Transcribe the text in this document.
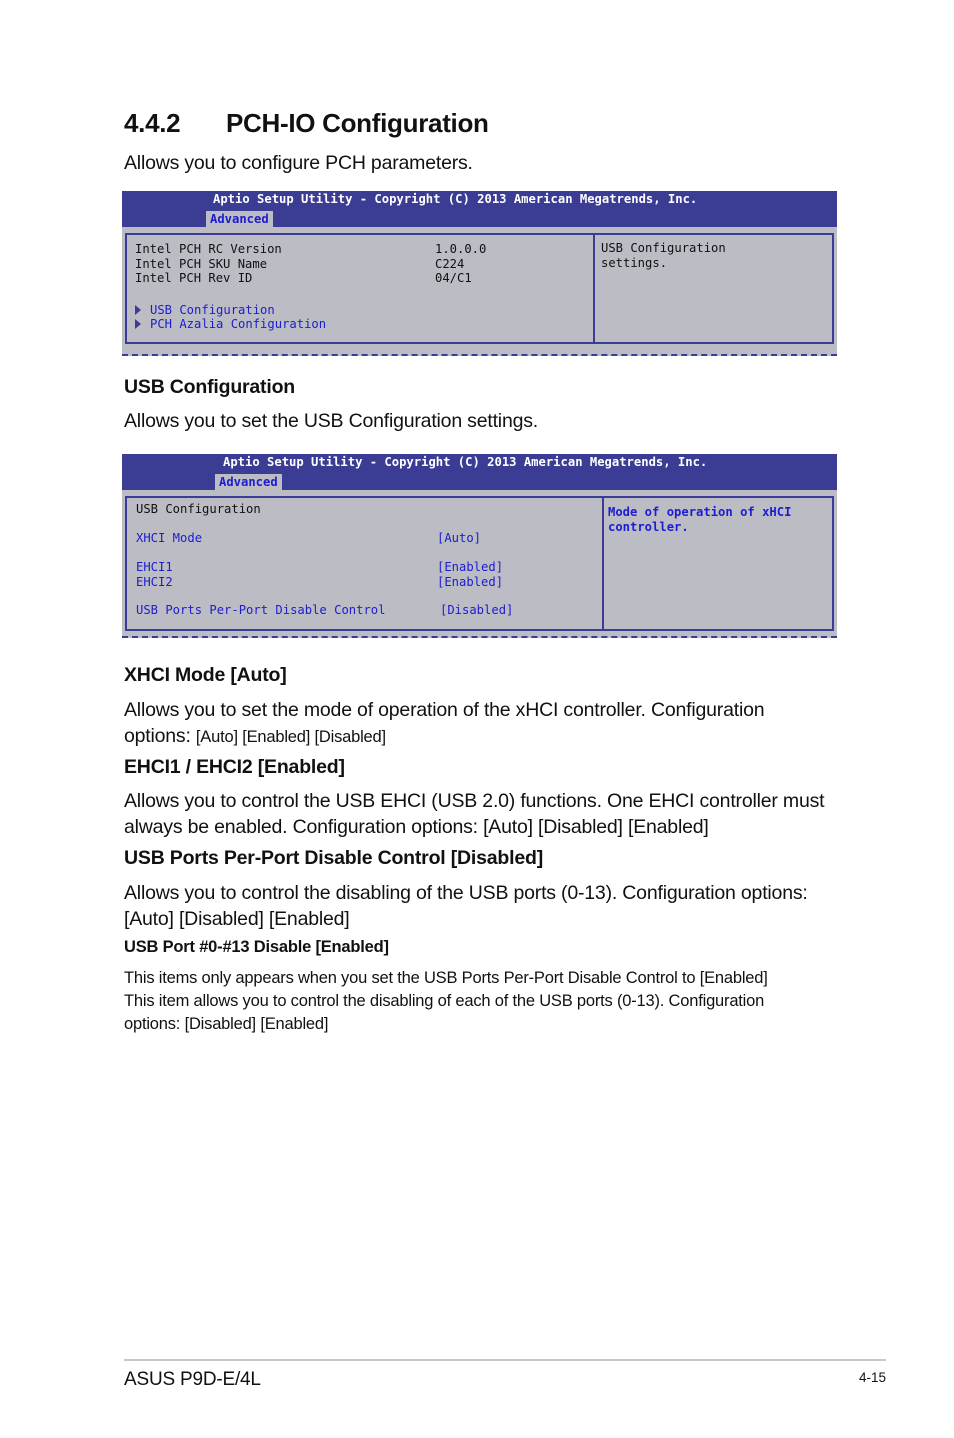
4.4.2 PCH-IO Configuration
Allows you to configure PCH parameters.
Aptio Setup Utility - Copyright (C) 2013 American Megatrends, Inc.
Advanced
Intel PCH RC Version	1.0.0.0
Intel PCH SKU Name	C224
Intel PCH Rev ID	04/C1
USB Configuration
PCH Azalia Configuration
USB Configuration
settings.
USB Configuration
Allows you to set the USB Configuration settings.
Aptio Setup Utility - Copyright (C) 2013 American Megatrends, Inc.
Advanced
USB Configuration
XHCI Mode	[Auto]
EHCI1	[Enabled]
EHCI2	[Enabled]
USB Ports Per-Port Disable Control	[Disabled]
Mode of operation of xHCI
controller.
XHCI Mode [Auto]
Allows you to set the mode of operation of the xHCI controller. Configuration
options: [Auto] [Enabled] [Disabled]
EHCI1 / EHCI2 [Enabled]
Allows you to control the USB EHCI (USB 2.0) functions. One EHCI controller must
always be enabled. Configuration options: [Auto] [Disabled] [Enabled]
USB Ports Per-Port Disable Control [Disabled]
Allows you to control the disabling of the USB ports (0-13). Configuration options:
[Auto] [Disabled] [Enabled]
USB Port #0-#13 Disable [Enabled]
This items only appears when you set the USB Ports Per-Port Disable Control to [Enabled]
This item allows you to control the disabling of each of the USB ports (0-13). Configuration
options: [Disabled] [Enabled]
ASUS P9D-E/4L	4-15
